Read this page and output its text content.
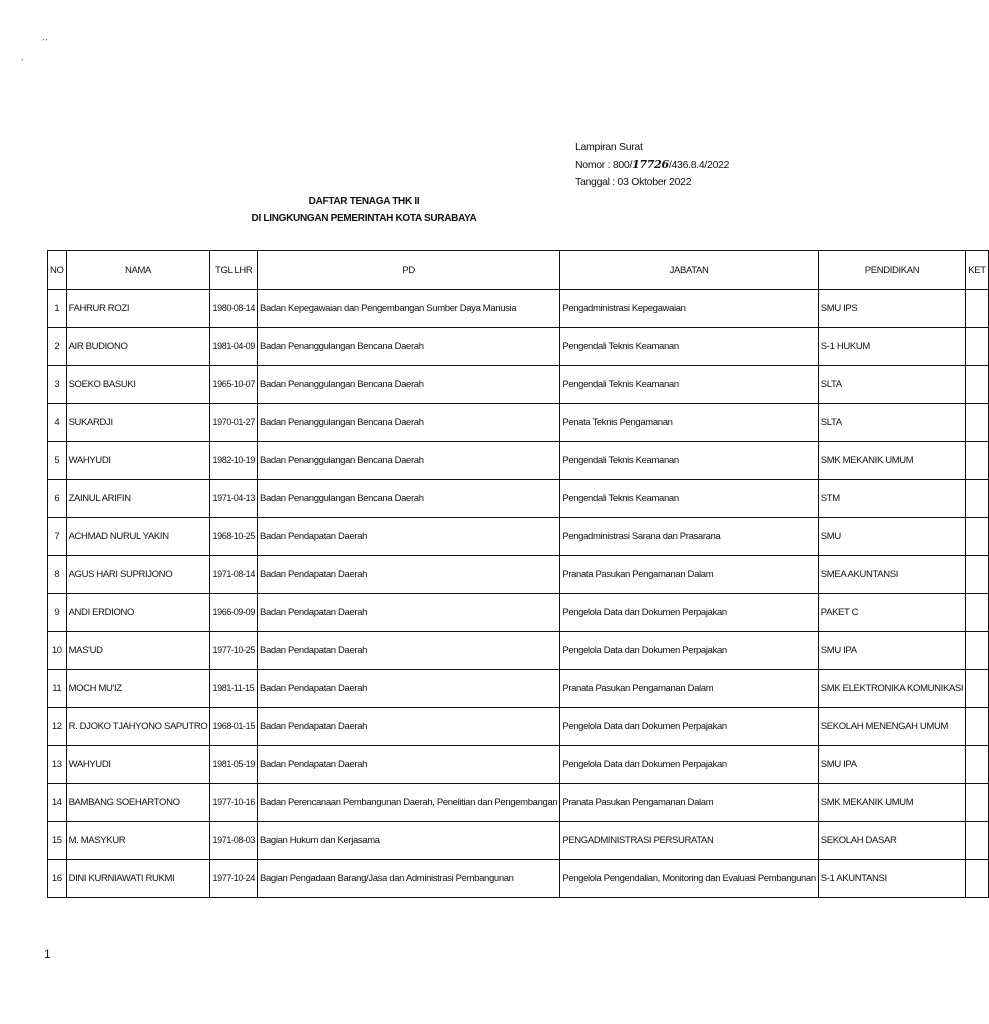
´´
´
Lampiran Surat
Nomor : 800/17726/436.8.4/2022
Tanggal : 03 Oktober 2022
DAFTAR TENAGA THK II
DI LINGKUNGAN PEMERINTAH KOTA SURABAYA
NO	NAMA	TGL LHR	PD	JABATAN	PENDIDIKAN	KET
1	FAHRUR ROZI	1980-08-14	Badan Kepegawaian dan Pengembangan Sumber Daya Manusia	Pengadministrasi Kepegawaian	SMU IPS	
2	AIR BUDIONO	1981-04-09	Badan Penanggulangan Bencana Daerah	Pengendali Teknis Keamanan	S-1 HUKUM	
3	SOEKO BASUKI	1965-10-07	Badan Penanggulangan Bencana Daerah	Pengendali Teknis Keamanan	SLTA	
4	SUKARDJI	1970-01-27	Badan Penanggulangan Bencana Daerah	Penata Teknis Pengamanan	SLTA	
5	WAHYUDI	1982-10-19	Badan Penanggulangan Bencana Daerah	Pengendali Teknis Keamanan	SMK MEKANIK UMUM	
6	ZAINUL ARIFIN	1971-04-13	Badan Penanggulangan Bencana Daerah	Pengendali Teknis Keamanan	STM	
7	ACHMAD NURUL YAKIN	1968-10-25	Badan Pendapatan Daerah	Pengadministrasi Sarana dan Prasarana	SMU	
8	AGUS HARI SUPRIJONO	1971-08-14	Badan Pendapatan Daerah	Pranata Pasukan Pengamanan Dalam	SMEA AKUNTANSI	
9	ANDI ERDIONO	1966-09-09	Badan Pendapatan Daerah	Pengelola Data dan Dokumen Perpajakan	PAKET C	
10	MAS'UD	1977-10-25	Badan Pendapatan Daerah	Pengelola Data dan Dokumen Perpajakan	SMU IPA	
11	MOCH MU'IZ	1981-11-15	Badan Pendapatan Daerah	Pranata Pasukan Pengamanan Dalam	SMK ELEKTRONIKA KOMUNIKASI	
12	R. DJOKO TJAHYONO SAPUTRO	1968-01-15	Badan Pendapatan Daerah	Pengelola Data dan Dokumen Perpajakan	SEKOLAH MENENGAH UMUM	
13	WAHYUDI	1981-05-19	Badan Pendapatan Daerah	Pengelola Data dan Dokumen Perpajakan	SMU IPA	
14	BAMBANG SOEHARTONO	1977-10-16	Badan Perencanaan Pembangunan Daerah, Penelitian dan Pengembangan	Pranata Pasukan Pengamanan Dalam	SMK MEKANIK UMUM	
15	M. MASYKUR	1971-08-03	Bagian Hukum dan Kerjasama	PENGADMINISTRASI PERSURATAN	SEKOLAH DASAR	
16	DINI KURNIAWATI RUKMI	1977-10-24	Bagian Pengadaan Barang/Jasa dan Administrasi Pembangunan	Pengelola Pengendalian, Monitoring dan Evaluasi Pembangunan	S-1 AKUNTANSI	
1
